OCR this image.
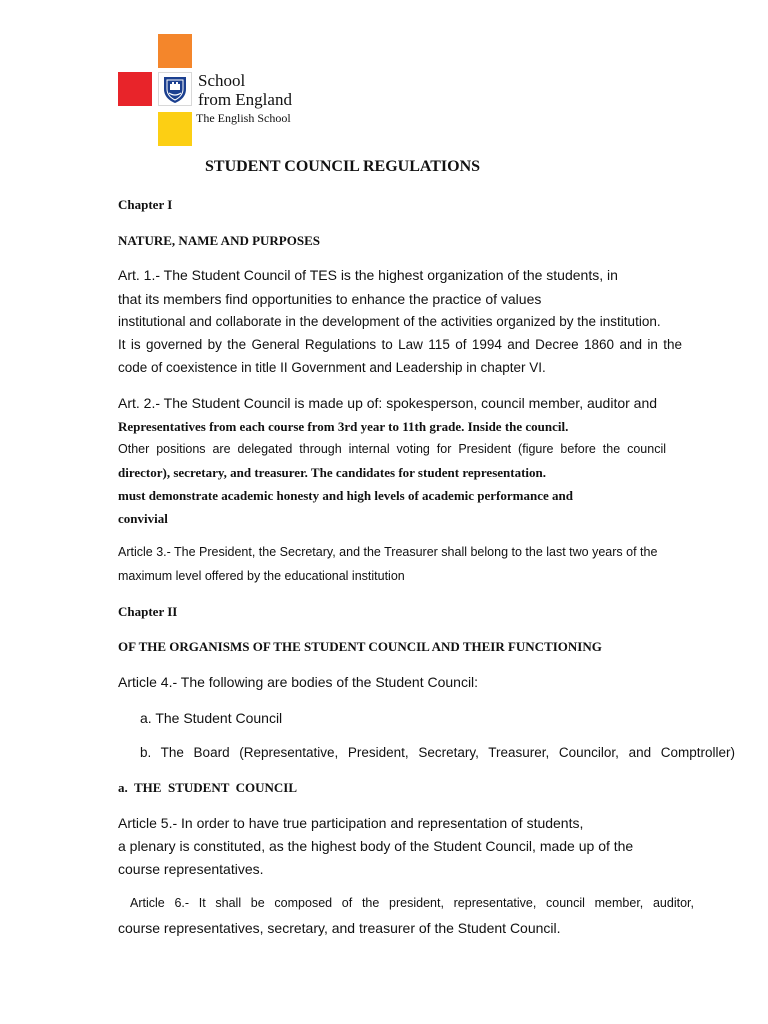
School
from England
The English School
STUDENT COUNCIL REGULATIONS
Chapter I
NATURE, NAME AND PURPOSES
Art. 1.- The Student Council of TES is the highest organization of the students, in
that its members find opportunities to enhance the practice of values
institutional and collaborate in the development of the activities organized by the institution.
It is governed by the General Regulations to Law 115 of 1994 and Decree 1860 and in the
code of coexistence in title II Government and Leadership in chapter VI.
Art. 2.- The Student Council is made up of: spokesperson, council member, auditor and
Representatives from each course from 3rd year to 11th grade. Inside the council.
Other positions are delegated through internal voting for President (figure before the council
director), secretary, and treasurer. The candidates for student representation.
must demonstrate academic honesty and high levels of academic performance and
convivial
Article 3.- The President, the Secretary, and the Treasurer shall belong to the last two years of the
maximum level offered by the educational institution
Chapter II
OF THE ORGANISMS OF THE STUDENT COUNCIL AND THEIR FUNCTIONING
Article 4.- The following are bodies of the Student Council:
a. The Student Council
b. The Board (Representative, President, Secretary, Treasurer, Councilor, and Comptroller)
a.  THE  STUDENT  COUNCIL
Article 5.- In order to have true participation and representation of students,
a plenary is constituted, as the highest body of the Student Council, made up of the
course representatives.
Article 6.- It shall be composed of the president, representative, council member, auditor,
course representatives, secretary, and treasurer of the Student Council.
